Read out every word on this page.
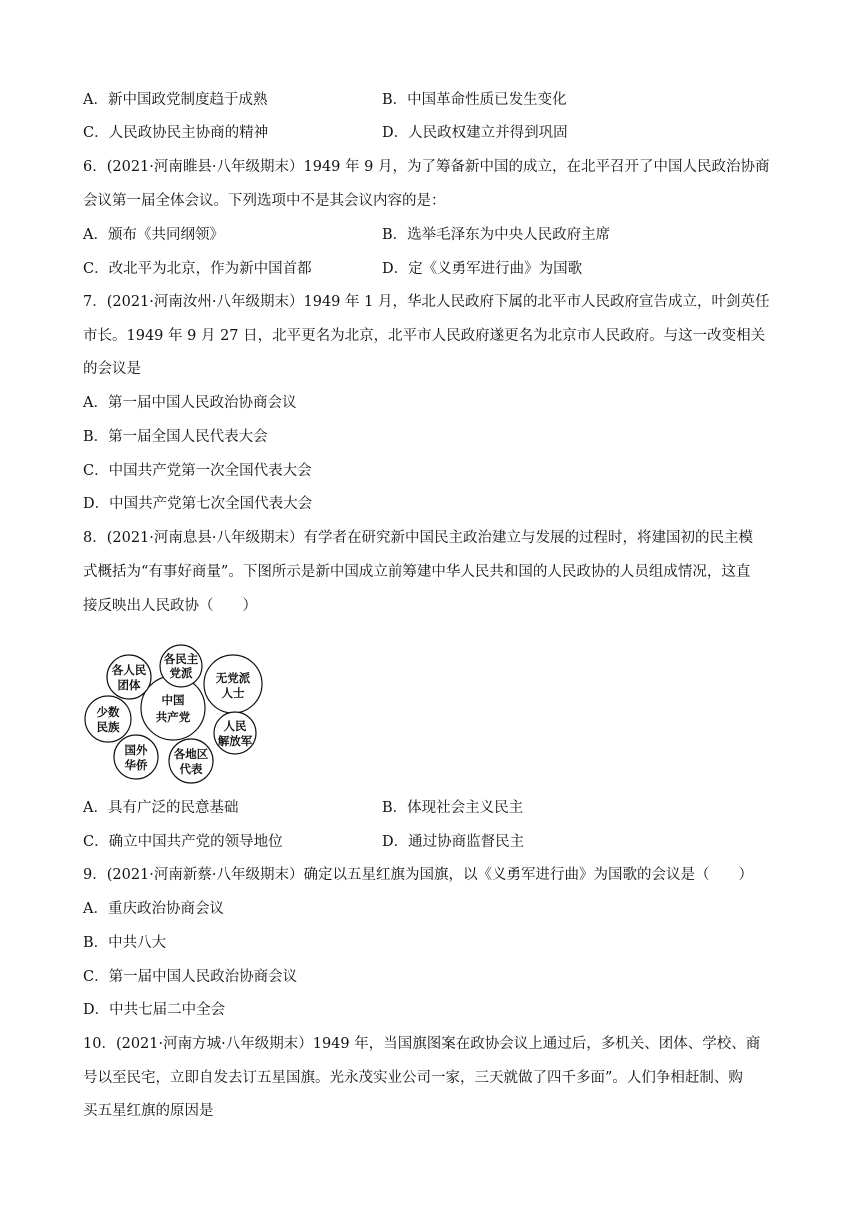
A．新中国政党制度趋于成熟	B．中国革命性质已发生变化
C．人民政协民主协商的精神	D．人民政权建立并得到巩固
6．(2021·河南睢县·八年级期末）1949 年 9 月，为了筹备新中国的成立，在北平召开了中国人民政治协商
会议第一届全体会议。下列选项中不是其会议内容的是：
A．颁布《共同纲领》	B．选举毛泽东为中央人民政府主席
C．改北平为北京，作为新中国首都	D．定《义勇军进行曲》为国歌
7．(2021·河南汝州·八年级期末）1949 年 1 月，华北人民政府下属的北平市人民政府宣告成立，叶剑英任
市长。1949 年 9 月 27 日，北平更名为北京，北平市人民政府遂更名为北京市人民政府。与这一改变相关
的会议是
A．第一届中国人民政治协商会议
B．第一届全国人民代表大会
C．中国共产党第一次全国代表大会
D．中国共产党第七次全国代表大会
8．(2021·河南息县·八年级期末）有学者在研究新中国民主政治建立与发展的过程时，将建国初的民主模
式概括为“有事好商量”。下图所示是新中国成立前筹建中华人民共和国的人民政协的人员组成情况，这直
接反映出人民政协（　　）
中国
共产党
各人民
团体
各民主
党派 无党派
人士
少数
民族	人民
解放军
国外
华侨
各地区
代表
A．具有广泛的民意基础	B．体现社会主义民主
C．确立中国共产党的领导地位	D．通过协商监督民主
9．(2021·河南新蔡·八年级期末）确定以五星红旗为国旗，以《义勇军进行曲》为国歌的会议是（　　）
A．重庆政治协商会议
B．中共八大
C．第一届中国人民政治协商会议
D．中共七届二中全会
10．(2021·河南方城·八年级期末）1949 年，当国旗图案在政协会议上通过后，多机关、团体、学校、商
号以至民宅，立即自发去订五星国旗。光永茂实业公司一家，三天就做了四千多面”。人们争相赶制、购
买五星红旗的原因是
